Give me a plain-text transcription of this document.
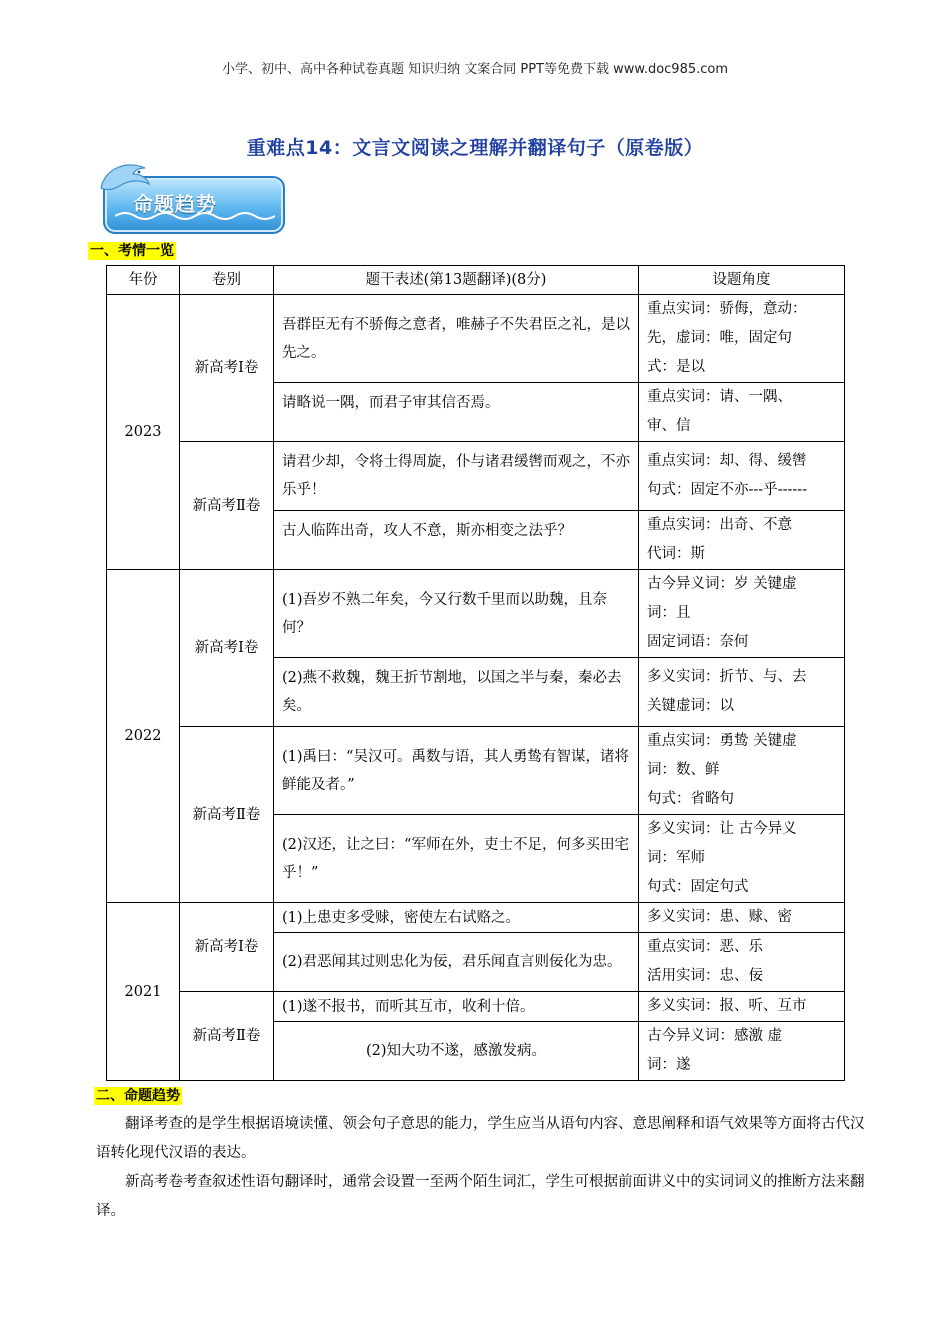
小学、初中、高中各种试卷真题 知识归纳 文案合同 PPT等免费下载 www.doc985.com
重难点14：文言文阅读之理解并翻译句子（原卷版）
命题趋势
一、考情一览
年份	卷别	题干表述(第13题翻译)(8分)	设题角度
2023	新高考Ⅰ卷	吾群臣无有不骄侮之意者，唯赫子不失君臣之礼，是以先之。	重点实词：骄侮，意动：
先，虚词：唯，固定句
式：是以

		请略说一隅，而君子审其信否焉。	重点实词：请、一隅、
审、信

	新高考Ⅱ卷	请君少却，令将士得周旋，仆与诸君缓辔而观之，不亦乐乎！	重点实词：却、得、缓辔
句式：固定不亦---乎------

		古人临阵出奇，攻人不意，斯亦相变之法乎？	重点实词：出奇、不意
代词：斯

2022	新高考Ⅰ卷	(1)吾岁不熟二年矣，今又行数千里而以助魏，且奈何？	古今异义词：岁 关键虚
词：且
固定词语：奈何

		(2)燕不救魏，魏王折节割地，以国之半与秦，秦必去矣。	多义实词：折节、与、去
关键虚词：以

	新高考Ⅱ卷	(1)禹曰：“吴汉可。禹数与语，其人勇鸷有智谋，诸将鲜能及者。”	重点实词：勇鸷 关键虚
词：数、鲜
句式：省略句

		(2)汉还，让之曰：“军师在外，吏士不足，何多买田宅乎！”	多义实词：让 古今异义
词：军师
句式：固定句式

2021	新高考Ⅰ卷	(1)上患吏多受赇，密使左右试赂之。	多义实词：患、赇、密

		(2)君恶闻其过则忠化为佞，君乐闻直言则佞化为忠。	重点实词：恶、乐
活用实词：忠、佞

	新高考Ⅱ卷	(1)遂不报书，而听其互市，收利十倍。	多义实词：报、听、互市

		(2)知大功不遂，感激发病。	古今异义词：感激 虚
词：遂
二、命题趋势

翻译考查的是学生根据语境读懂、领会句子意思的能力，学生应当从语句内容、意思阐释和语气效果等方面将古代汉语转化现代汉语的表达。

新高考卷考查叙述性语句翻译时，通常会设置一至两个陌生词汇，学生可根据前面讲义中的实词词义的推断方法来翻译。
